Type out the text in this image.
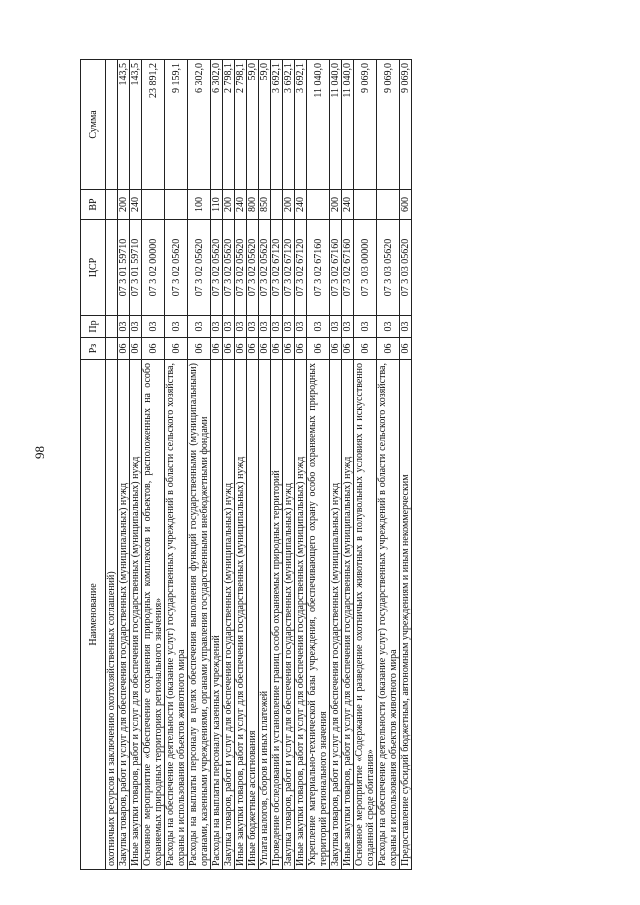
98
Наименование	Рз	Пр	ЦСР	ВР	Сумма
охотничьих ресурсов и заключению охотхозяйственных соглашений)					
Закупка товаров, работ и услуг для обеспечения государственных (муниципальных) нужд	06	03	07 3 01 59710	200	143,5
Иные закупки товаров, работ и услуг для обеспечения государственных (муниципальных) нужд	06	03	07 3 01 59710	240	143,5
Основное мероприятие «Обеспечение сохранения природных комплексов и объектов, расположенных на особо охраняемых природных территориях регионального значения»	06	03	07 3 02 00000		23 891,2
Расходы на обеспечение деятельности (оказание услуг) государственных учреждений в области сельского хозяйства, охраны и использования объектов животного мира	06	03	07 3 02 05620		9 159,1
Расходы на выплаты персоналу в целях обеспечения выполнения функций государственными (муниципальными) органами, казенными учреждениями, органами управления государственными внебюджетными фондами	06	03	07 3 02 05620	100	6 302,0
Расходы на выплаты персоналу казенных учреждений	06	03	07 3 02 05620	110	6 302,0
Закупка товаров, работ и услуг для обеспечения государственных (муниципальных) нужд	06	03	07 3 02 05620	200	2 798,1
Иные закупки товаров, работ и услуг для обеспечения государственных (муниципальных) нужд	06	03	07 3 02 05620	240	2 798,1
Иные бюджетные ассигнования	06	03	07 3 02 05620	800	59,0
Уплата налогов, сборов и иных платежей	06	03	07 3 02 05620	850	59,0
Проведение обследований и установление границ особо охраняемых природных территорий	06	03	07 3 02 67120		3 692,1
Закупка товаров, работ и услуг для обеспечения государственных (муниципальных) нужд	06	03	07 3 02 67120	200	3 692,1
Иные закупки товаров, работ и услуг для обеспечения государственных (муниципальных) нужд	06	03	07 3 02 67120	240	3 692,1
Укрепление материально-технической базы учреждения, обеспечивающего охрану особо охраняемых природных территорий регионального значения	06	03	07 3 02 67160		11 040,0
Закупка товаров, работ и услуг для обеспечения государственных (муниципальных) нужд	06	03	07 3 02 67160	200	11 040,0
Иные закупки товаров, работ и услуг для обеспечения государственных (муниципальных) нужд	06	03	07 3 02 67160	240	11 040,0
Основное мероприятие «Содержание и разведение охотничьих животных в полувольных условиях и искусственно созданной среде обитания»	06	03	07 3 03 00000		9 069,0
Расходы на обеспечение деятельности (оказание услуг) государственных учреждений в области сельского хозяйства, охраны и использования объектов животного мира	06	03	07 3 03 05620		9 069,0
Предоставление субсидий бюджетным, автономным учреждениям и иным некоммерческим	06	03	07 3 03 05620	600	9 069,0
